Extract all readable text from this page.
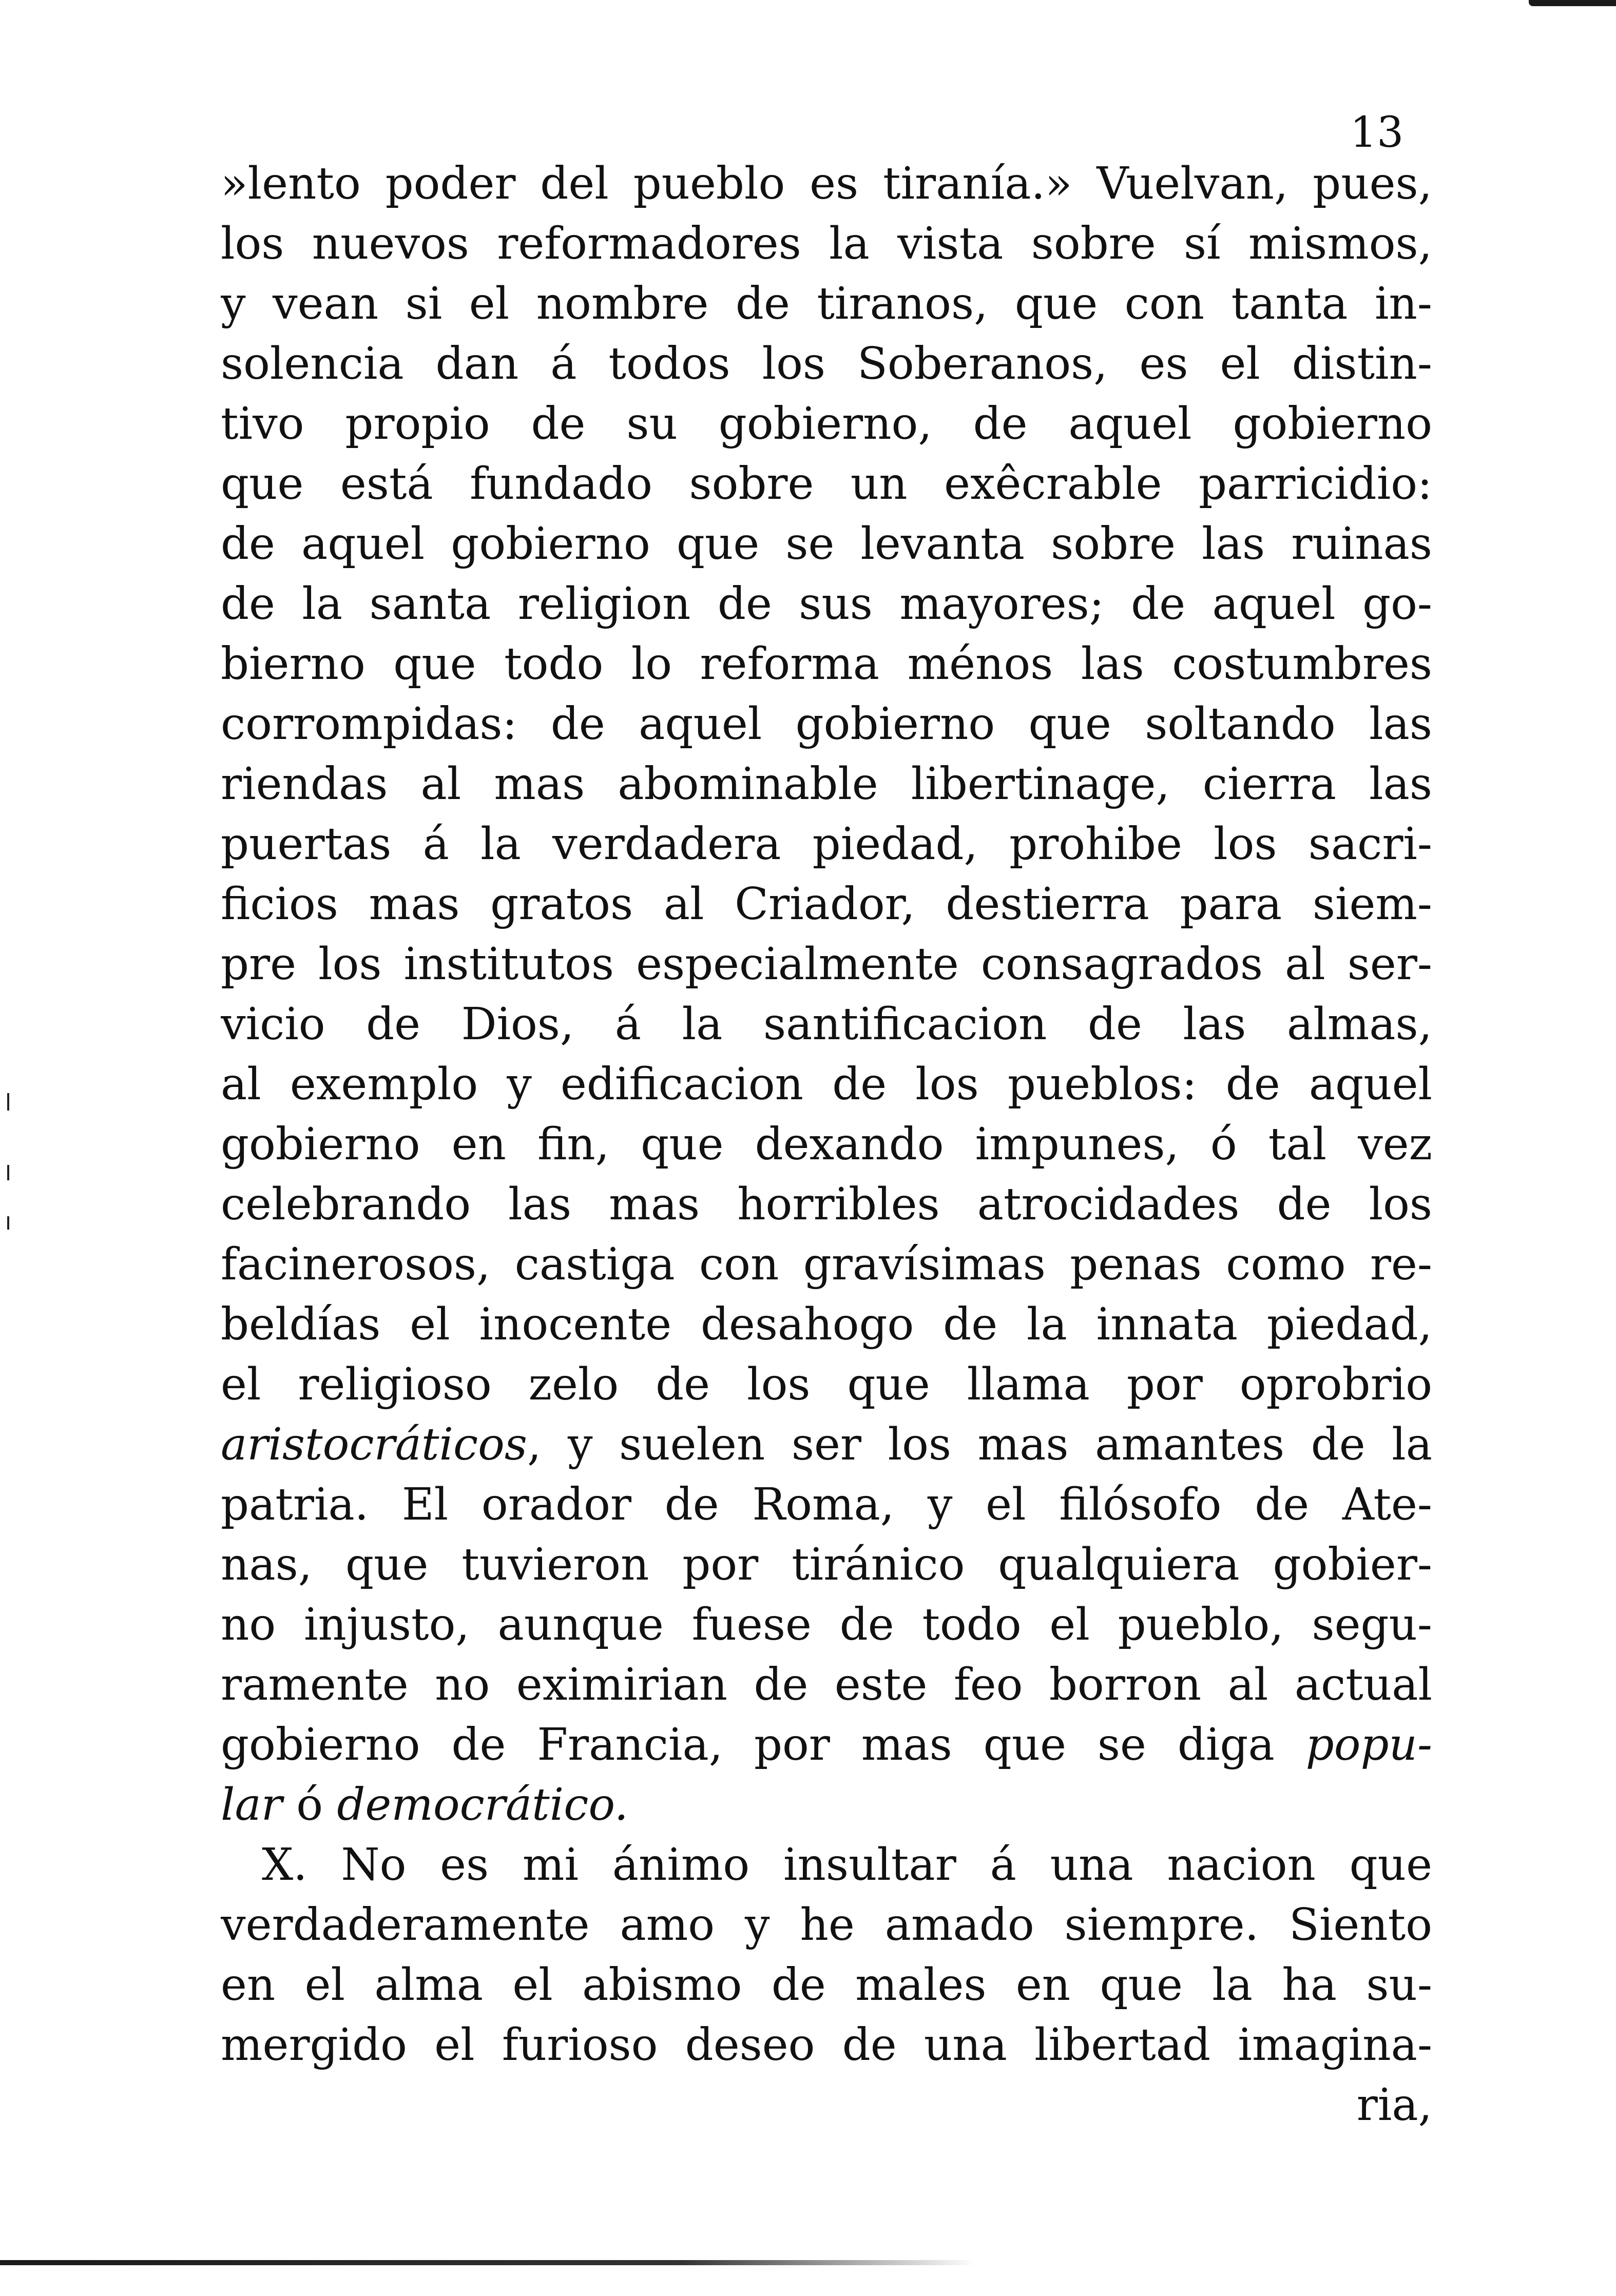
13
»lento poder del pueblo es tiranía.» Vuelvan, pues,
los nuevos reformadores la vista sobre sí mismos,
y vean si el nombre de tiranos, que con tanta in-
solencia dan á todos los Soberanos, es el distin-
tivo propio de su gobierno, de aquel gobierno
que está fundado sobre un exêcrable parricidio:
de aquel gobierno que se levanta sobre las ruinas
de la santa religion de sus mayores; de aquel go-
bierno que todo lo reforma ménos las costumbres
corrompidas: de aquel gobierno que soltando las
riendas al mas abominable libertinage, cierra las
puertas á la verdadera piedad, prohibe los sacri-
ficios mas gratos al Criador, destierra para siem-
pre los institutos especialmente consagrados al ser-
vicio de Dios, á la santificacion de las almas,
al exemplo y edificacion de los pueblos: de aquel
gobierno en fin, que dexando impunes, ó tal vez
celebrando las mas horribles atrocidades de los
facinerosos, castiga con gravísimas penas como re-
beldías el inocente desahogo de la innata piedad,
el religioso zelo de los que llama por oprobrio
aristocráticos, y suelen ser los mas amantes de la
patria. El orador de Roma, y el filósofo de Ate-
nas, que tuvieron por tiránico qualquiera gobier-
no injusto, aunque fuese de todo el pueblo, segu-
ramente no eximirian de este feo borron al actual
gobierno de Francia, por mas que se diga popu-
lar ó democrático.
X. No es mi ánimo insultar á una nacion que
verdaderamente amo y he amado siempre. Siento
en el alma el abismo de males en que la ha su-
mergido el furioso deseo de una libertad imagina-
ria,
